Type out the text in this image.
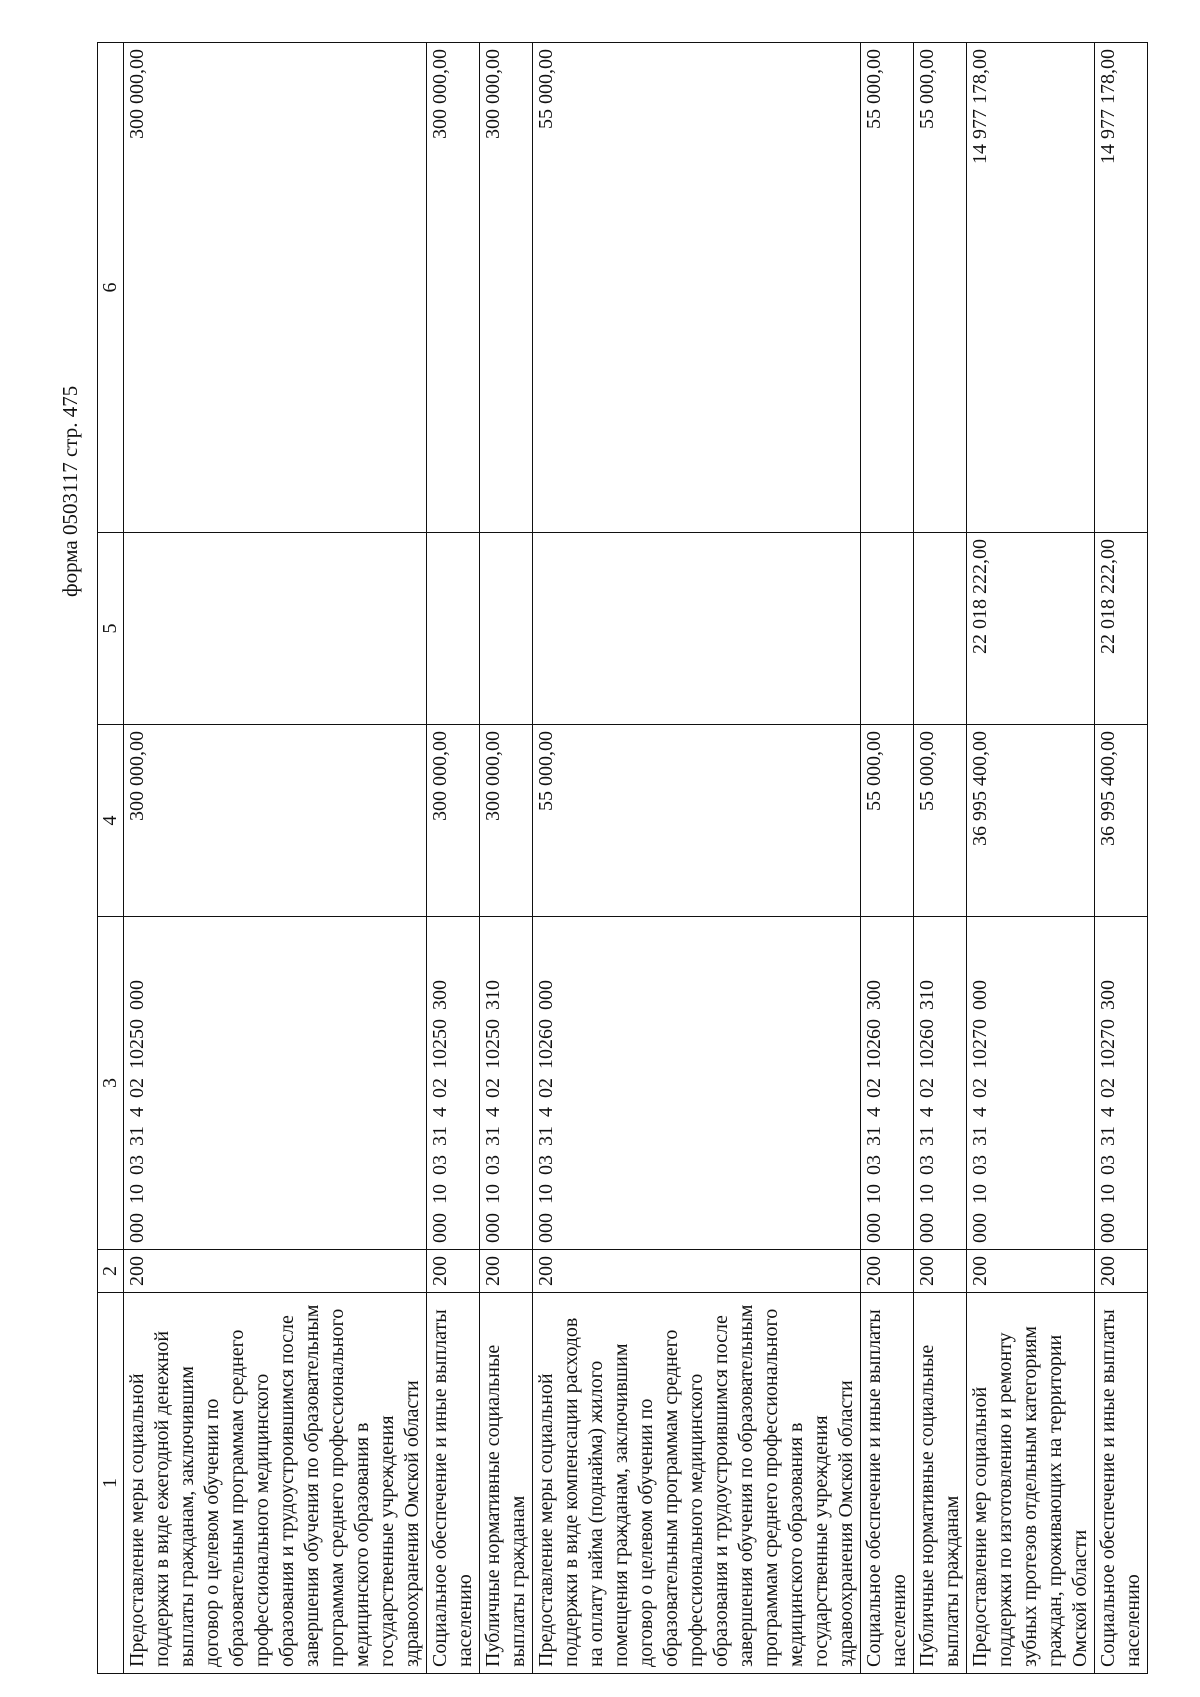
форма 0503117 стр. 475
1	2	3	4	5	6
Предоставление меры социальной поддержки в виде ежегодной денежной выплаты гражданам, заключившим договор о целевом обучении по образовательным программам среднего профессионального медицинского образования и трудоустроившимся после завершения обучения по образовательным программам среднего профессионального медицинского образования в государственные учреждения здравоохранения Омской области	200	000 10 03 31 4 02 10250 000	300 000,00		300 000,00
Социальное обеспечение и иные выплаты населению	200	000 10 03 31 4 02 10250 300	300 000,00		300 000,00
Публичные нормативные социальные выплаты гражданам	200	000 10 03 31 4 02 10250 310	300 000,00		300 000,00
Предоставление меры социальной поддержки в виде компенсации расходов на оплату найма (поднайма) жилого помещения гражданам, заключившим договор о целевом обучении по образовательным программам среднего профессионального медицинского образования и трудоустроившимся после завершения обучения по образовательным программам среднего профессионального медицинского образования в государственные учреждения здравоохранения Омской области	200	000 10 03 31 4 02 10260 000	55 000,00		55 000,00
Социальное обеспечение и иные выплаты населению	200	000 10 03 31 4 02 10260 300	55 000,00		55 000,00
Публичные нормативные социальные выплаты гражданам	200	000 10 03 31 4 02 10260 310	55 000,00		55 000,00
Предоставление мер социальной поддержки по изготовлению и ремонту зубных протезов отдельным категориям граждан, проживающих на территории Омской области	200	000 10 03 31 4 02 10270 000	36 995 400,00	22 018 222,00	14 977 178,00
Социальное обеспечение и иные выплаты населению	200	000 10 03 31 4 02 10270 300	36 995 400,00	22 018 222,00	14 977 178,00
